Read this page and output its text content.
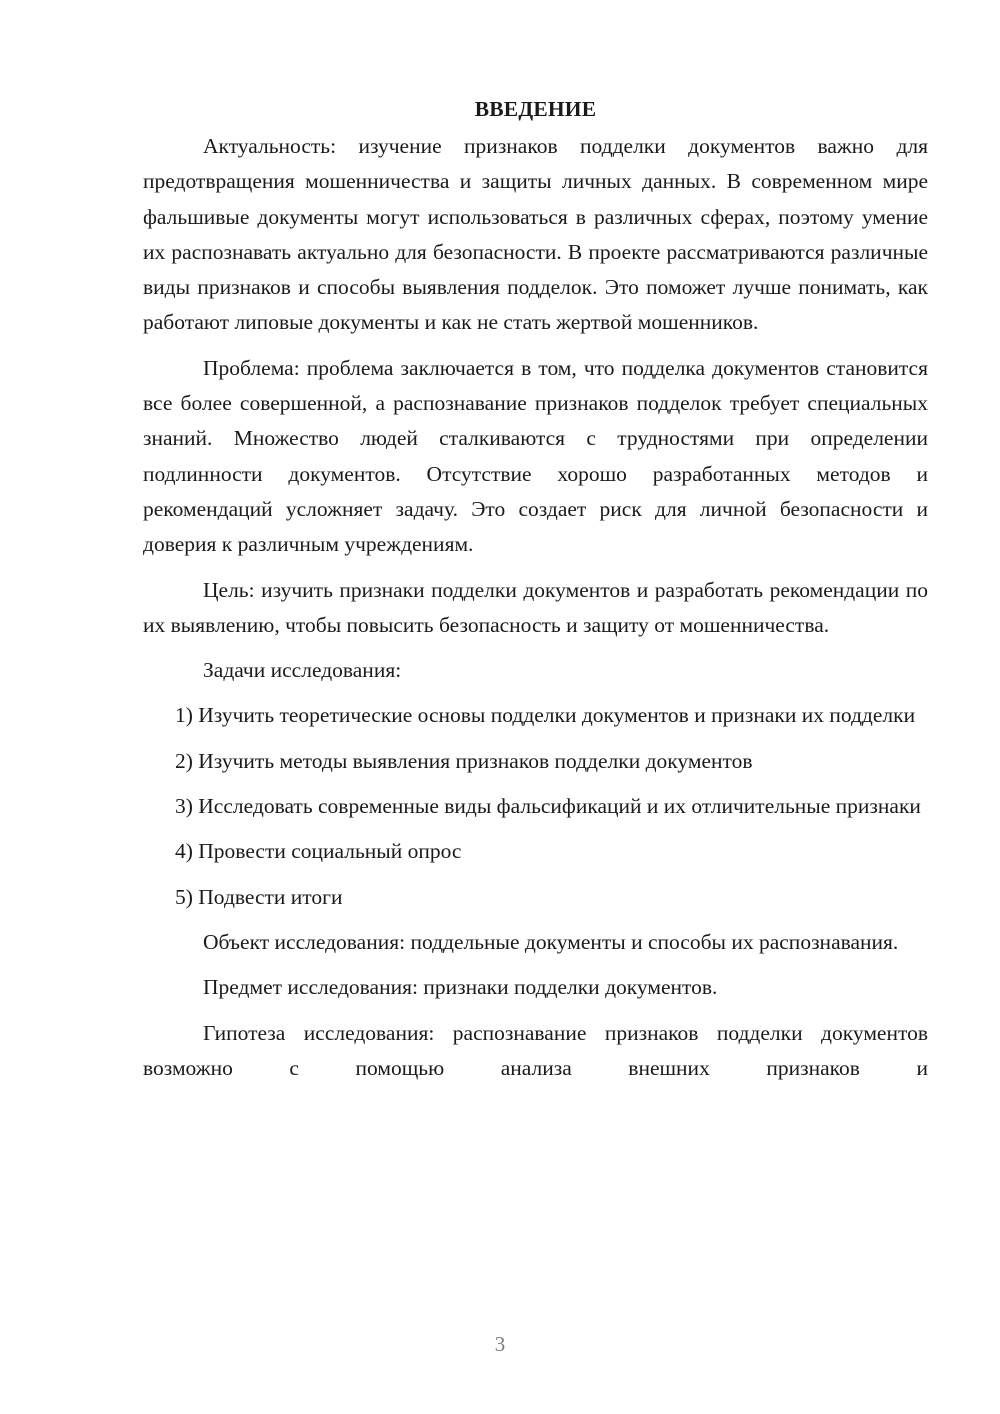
ВВЕДЕНИЕ

Актуальность: изучение признаков подделки документов важно для предотвращения мошенничества и защиты личных данных. В современном мире фальшивые документы могут использоваться в различных сферах, поэтому умение их распознавать актуально для безопасности. В проекте рассматриваются различные виды признаков и способы выявления подделок. Это поможет лучше понимать, как работают липовые документы и как не стать жертвой мошенников.

Проблема: проблема заключается в том, что подделка документов становится все более совершенной, а распознавание признаков подделок требует специальных знаний. Множество людей сталкиваются с трудностями при определении подлинности документов. Отсутствие хорошо разработанных методов и рекомендаций усложняет задачу. Это создает риск для личной безопасности и доверия к различным учреждениям.

Цель: изучить признаки подделки документов и разработать рекомендации по их выявлению, чтобы повысить безопасность и защиту от мошенничества.

Задачи исследования:

1) Изучить теоретические основы подделки документов и признаки их подделки

2) Изучить методы выявления признаков подделки документов

3) Исследовать современные виды фальсификаций и их отличительные признаки

4) Провести социальный опрос

5) Подвести итоги

Объект исследования: поддельные документы и способы их распознавания.

Предмет исследования: признаки подделки документов.

Гипотеза исследования: распознавание признаков подделки документов возможно с помощью анализа внешних признаков и

3
